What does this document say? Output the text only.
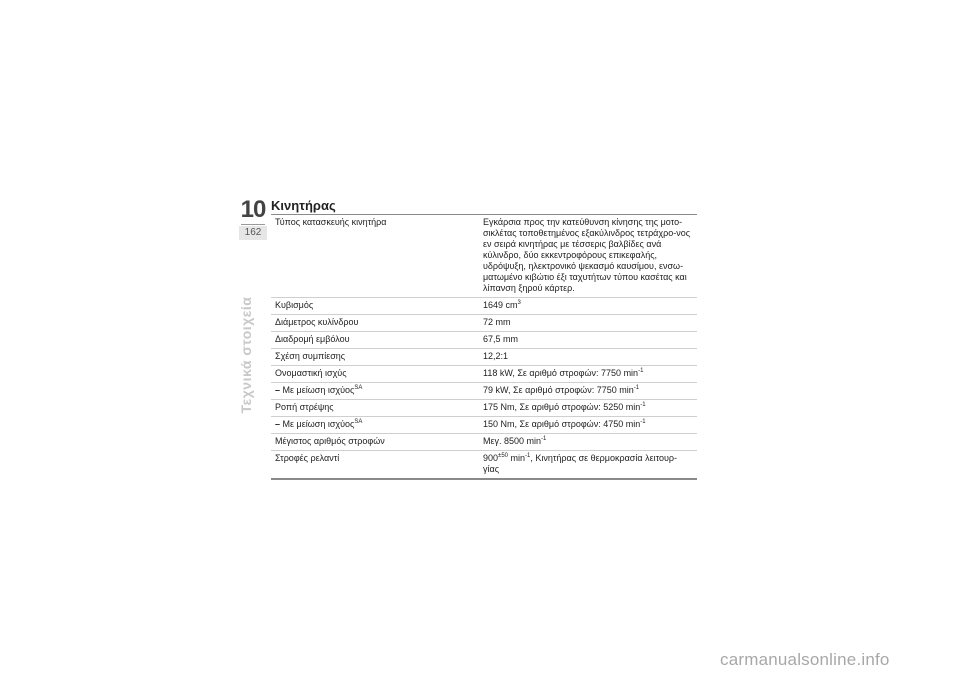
10
162
Τεχνικά στοιχεία
Κινητήρας
Τύπος κατασκευής κινητήρα	Εγκάρσια προς την κατεύθυνση κίνησης της μοτο-σικλέτας τοποθετημένος εξακύλινδρος τετράχρο-νος εν σειρά κινητήρας με τέσσερις βαλβίδες ανά κύλινδρο, δύο εκκεντροφόρους επικεφαλής, υδρόψυξη, ηλεκτρονικό ψεκασμό καυσίμου, ενσω-ματωμένο κιβώτιο έξι ταχυτήτων τύπου κασέτας και λίπανση ξηρού κάρτερ.
Κυβισμός	1649 $cm^3$
Διάμετρος κυλίνδρου	72 mm
Διαδρομή εμβόλου	67,5 mm
Σχέση συμπίεσης	12,2:1
Ονομαστική ισχύς	118 kW, Σε αριθμό στροφών: 7750 $\min^{-1}$
– Με μείωση ισχύος$^{SA}$	79 kW, Σε αριθμό στροφών: 7750 $\min^{-1}$
Ροπή στρέψης	175 Nm, Σε αριθμό στροφών: 5250 $\min^{-1}$
– Με μείωση ισχύος$^{SA}$	150 Nm, Σε αριθμό στροφών: 4750 $\min^{-1}$
Μέγιστος αριθμός στροφών	Μεγ. 8500 $\min^{-1}$
Στροφές ρελαντί	$900^{\pm 50}$ $\min^{-1}$, Κινητήρας σε θερμοκρασία λειτουρ-γίας
carmanualsonline.info
